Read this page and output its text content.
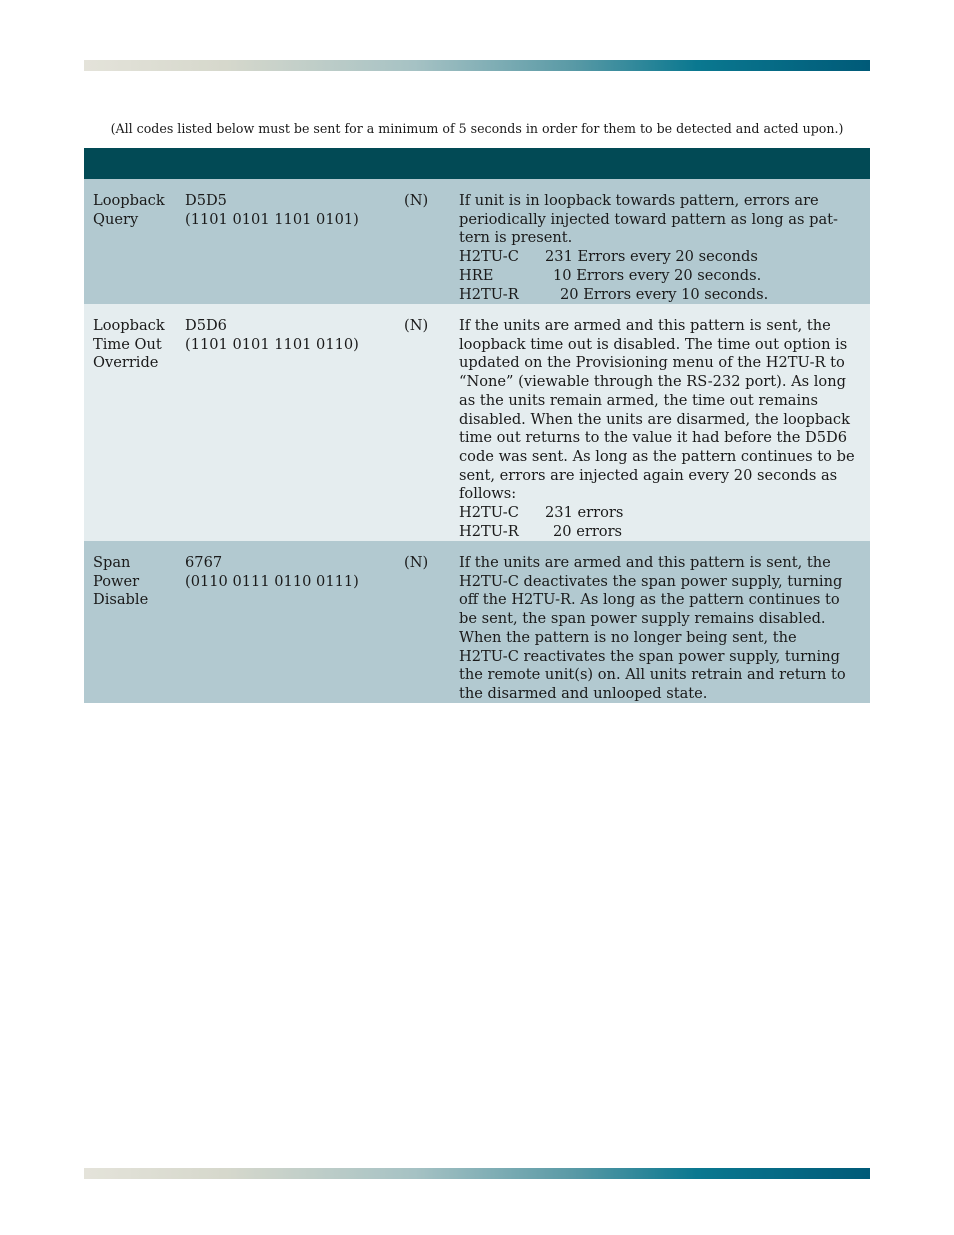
(All codes listed below must be sent for a minimum of 5 seconds in order for them to be detected and acted upon.)
Loopback
Query
D5D5
(1101 0101 1101 0101)
(N) If unit is in loopback towards pattern, errors are
periodically injected toward pattern as long as pat-
tern is present.
H2TU-C 231 Errors every 20 seconds
HRE	10 Errors every 20 seconds.
H2TU-R	20 Errors every 10 seconds.
Loopback
Time Out
Override
D5D6
(1101 0101 1101 0110)
(N) If the units are armed and this pattern is sent, the
loopback time out is disabled. The time out option is
updated on the Provisioning menu of the H2TU-R to
“None” (viewable through the RS-232 port). As long
as the units remain armed, the time out remains
disabled. When the units are disarmed, the loopback
time out returns to the value it had before the D5D6
code was sent. As long as the pattern continues to be
sent, errors are injected again every 20 seconds as
follows:
H2TU-C 231 errors
H2TU-R 20 errors
Span
Power
Disable
6767
(0110 0111 0110 0111)
(N) If the units are armed and this pattern is sent, the
H2TU-C deactivates the span power supply, turning
off the H2TU-R. As long as the pattern continues to
be sent, the span power supply remains disabled.
When the pattern is no longer being sent, the
H2TU-C reactivates the span power supply, turning
the remote unit(s) on. All units retrain and return to
the disarmed and unlooped state.
